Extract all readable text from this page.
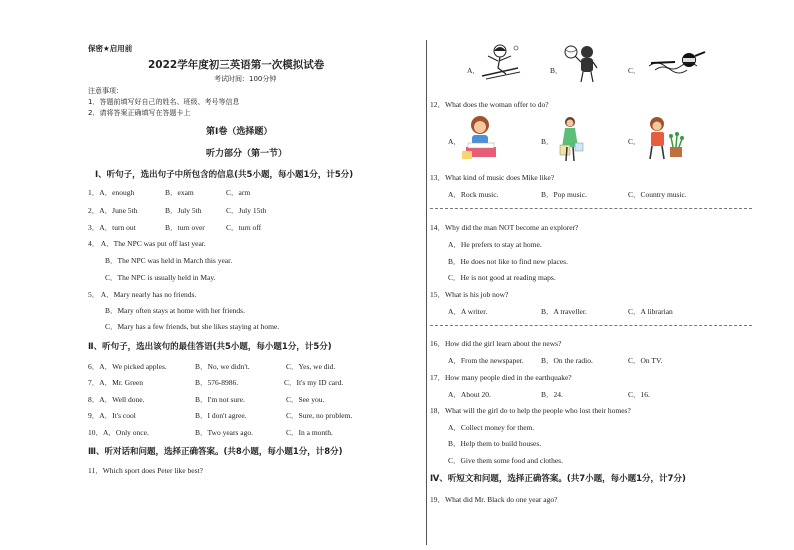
保密★启用前
2022学年度初三英语第一次模拟试卷
考试时间：100分钟
注意事项：
1．答题前填写好自己的姓名、班级、考号等信息
2．请将答案正确填写在答题卡上
第Ⅰ卷（选择题）
听力部分（第一节）
Ⅰ、听句子，选出句子中所包含的信息(共5小题，每小题1分，计5分)
1．A．enough	B．exam	C．arm
2．A．June 5th	B．July 5th	C．July 15th
3．A．turn out	B．turn over	C．turn off
4． A．The NPC was put off last year.
B．The NPC was held in March this year.
C．The NPC is usually held in May.
5． A．Mary nearly has no friends.
B．Mary often stays at home with her friends.
C．Mary has a few friends, but she likes staying at home.
Ⅱ、听句子，选出该句的最佳答语(共5小题，每小题1分，计5分)
6．A．We picked apples.	B．No, we didn't.	C．Yes, we did.
7．A．Mr. Green	B．576-8986.	C．It's my ID card.
8．A．Well done.	B．I'm not sure.	C．See you.
9．A．It's cool	B．I don't agree.	C．Sure, no problem.
10．A．Only once.	B．Two years ago.	C．In a month.
Ⅲ、听对话和问题，选择正确答案。(共8小题，每小题1分，计8分)
11．Which sport does Peter like best?
A．	B．	C．
12．What does the woman offer to do?
A．	B．	C．
13．What kind of music does Mike like?
A．Rock music.	B．Pop music.	C．Country music.
14．Why did the man NOT become an explorer?
A．He prefers to stay at home.
B．He does not like to find new places.
C．He is not good at reading maps.
15．What is his job now?
A．A writer.	B．A traveller.	C．A librarian
16．How did the girl learn about the news?
A．From the newspaper. B．On the radio.	C．On TV.
17．How many people died in the earthquake?
A．About 20.	B．24.	C．16.
18．What will the girl do to help the people who lost their homes?
A．Collect money for them.
B．Help them to build houses.
C．Give them some food and clothes.
Ⅳ、听短文和问题，选择正确答案。(共7小题，每小题1分，计7分)
19．What did Mr. Black do one year ago?
